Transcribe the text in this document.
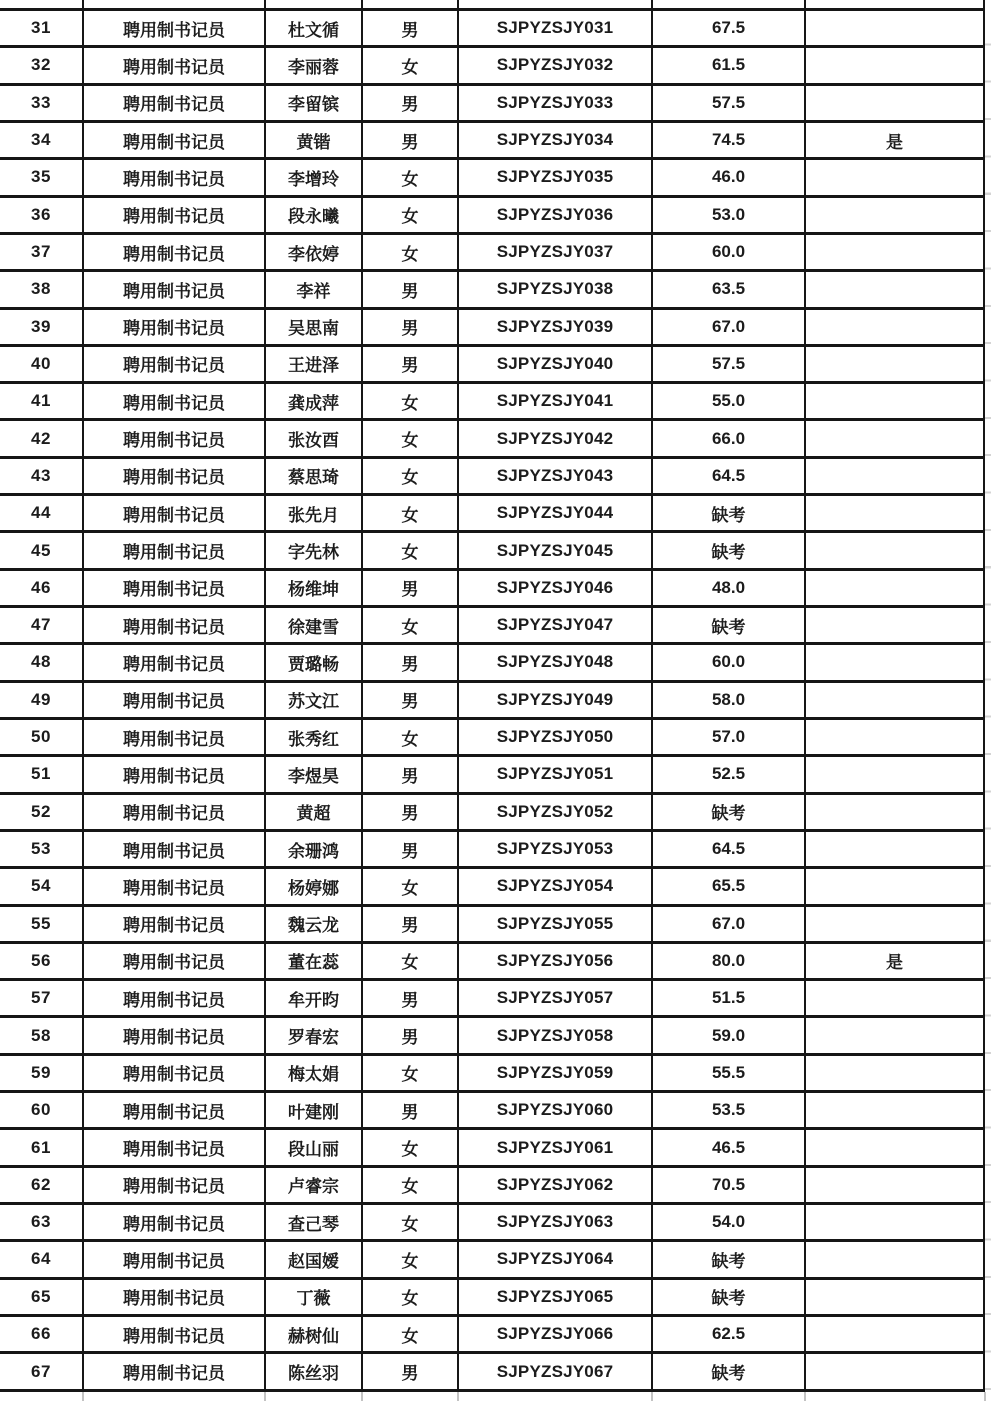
31	聘用制书记员	杜文循	男	SJPYZSJY031	67.5	
32	聘用制书记员	李丽蓉	女	SJPYZSJY032	61.5	
33	聘用制书记员	李留镔	男	SJPYZSJY033	57.5	
34	聘用制书记员	黄锴	男	SJPYZSJY034	74.5	是
35	聘用制书记员	李增玲	女	SJPYZSJY035	46.0	
36	聘用制书记员	段永曦	女	SJPYZSJY036	53.0	
37	聘用制书记员	李依婷	女	SJPYZSJY037	60.0	
38	聘用制书记员	李祥	男	SJPYZSJY038	63.5	
39	聘用制书记员	吴思南	男	SJPYZSJY039	67.0	
40	聘用制书记员	王进泽	男	SJPYZSJY040	57.5	
41	聘用制书记员	龚成萍	女	SJPYZSJY041	55.0	
42	聘用制书记员	张汝酉	女	SJPYZSJY042	66.0	
43	聘用制书记员	蔡思琦	女	SJPYZSJY043	64.5	
44	聘用制书记员	张先月	女	SJPYZSJY044	缺考	
45	聘用制书记员	字先林	女	SJPYZSJY045	缺考	
46	聘用制书记员	杨维坤	男	SJPYZSJY046	48.0	
47	聘用制书记员	徐建雪	女	SJPYZSJY047	缺考	
48	聘用制书记员	贾璐畅	男	SJPYZSJY048	60.0	
49	聘用制书记员	苏文江	男	SJPYZSJY049	58.0	
50	聘用制书记员	张秀红	女	SJPYZSJY050	57.0	
51	聘用制书记员	李煜昊	男	SJPYZSJY051	52.5	
52	聘用制书记员	黄超	男	SJPYZSJY052	缺考	
53	聘用制书记员	余珊鸿	男	SJPYZSJY053	64.5	
54	聘用制书记员	杨婷娜	女	SJPYZSJY054	65.5	
55	聘用制书记员	魏云龙	男	SJPYZSJY055	67.0	
56	聘用制书记员	董在蕊	女	SJPYZSJY056	80.0	是
57	聘用制书记员	牟开昀	男	SJPYZSJY057	51.5	
58	聘用制书记员	罗春宏	男	SJPYZSJY058	59.0	
59	聘用制书记员	梅太娟	女	SJPYZSJY059	55.5	
60	聘用制书记员	叶建刚	男	SJPYZSJY060	53.5	
61	聘用制书记员	段山丽	女	SJPYZSJY061	46.5	
62	聘用制书记员	卢睿宗	女	SJPYZSJY062	70.5	
63	聘用制书记员	查己琴	女	SJPYZSJY063	54.0	
64	聘用制书记员	赵国嫒	女	SJPYZSJY064	缺考	
65	聘用制书记员	丁薇	女	SJPYZSJY065	缺考	
66	聘用制书记员	赫树仙	女	SJPYZSJY066	62.5	
67	聘用制书记员	陈丝羽	男	SJPYZSJY067	缺考	
